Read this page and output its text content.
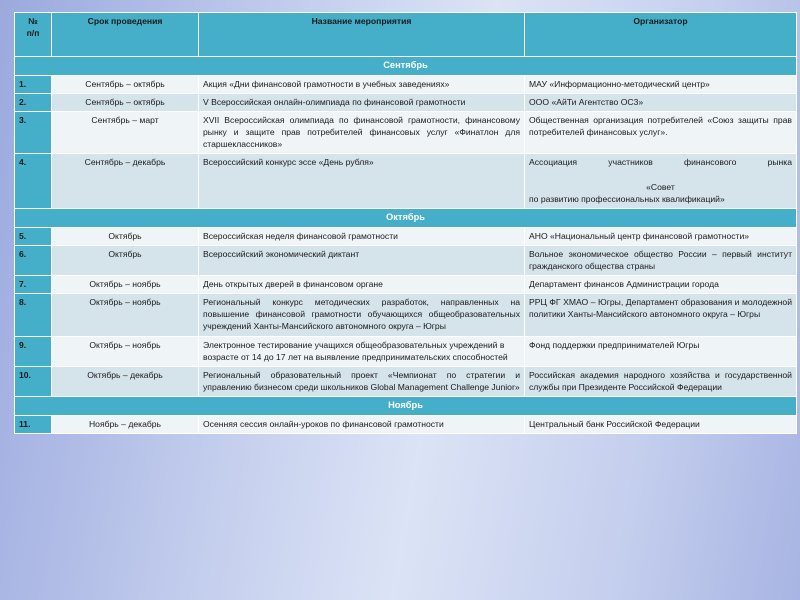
№
п/п	Срок проведения	Название мероприятия	Организатор
Сентябрь			
1.	Сентябрь – октябрь	Акция «Дни финансовой грамотности в учебных заведениях»	МАУ «Информационно-методический центр»
2.	Сентябрь – октябрь	V Всероссийская онлайн-олимпиада по финансовой грамотности	ООО «АйТи Агентство ОС3»
3.	Сентябрь – март	XVII Всероссийская олимпиада по финансовой грамотности, финансовому рынку и защите прав потребителей финансовых услуг «Финатлон для старшеклассников»	Общественная организация потребителей «Союз защиты прав потребителей финансовых услуг».
4.	Сентябрь – декабрь	Всероссийский конкурс эссе «День рубля»	Ассоциация участников финансового рынка
«Совет
по развитию профессиональных квалификаций»
Октябрь			
5.	Октябрь	Всероссийская неделя финансовой грамотности	АНО «Национальный центр финансовой грамотности»
6.	Октябрь	Всероссийский экономический диктант	Вольное экономическое общество России – первый институт гражданского общества страны
7.	Октябрь – ноябрь	День открытых дверей в финансовом органе	Департамент финансов Администрации города
8.	Октябрь – ноябрь	Региональный конкурс методических разработок, направленных на повышение финансовой грамотности обучающихся общеобразовательных учреждений Ханты-Мансийского автономного округа – Югры	РРЦ ФГ ХМАО – Югры, Департамент образования и молодежной политики Ханты-Мансийского автономного округа – Югры
9.	Октябрь – ноябрь	Электронное тестирование учащихся общеобразовательных учреждений в возрасте от 14 до 17 лет на выявление предпринимательских способностей	Фонд поддержки предпринимателей Югры
10.	Октябрь – декабрь	Региональный образовательный проект «Чемпионат по стратегии и управлению бизнесом среди школьников Global Management Challenge Junior»	Российская академия народного хозяйства и государственной службы при Президенте Российской Федерации
Ноябрь			
11.	Ноябрь – декабрь	Осенняя сессия онлайн-уроков по финансовой грамотности	Центральный банк Российской Федерации
